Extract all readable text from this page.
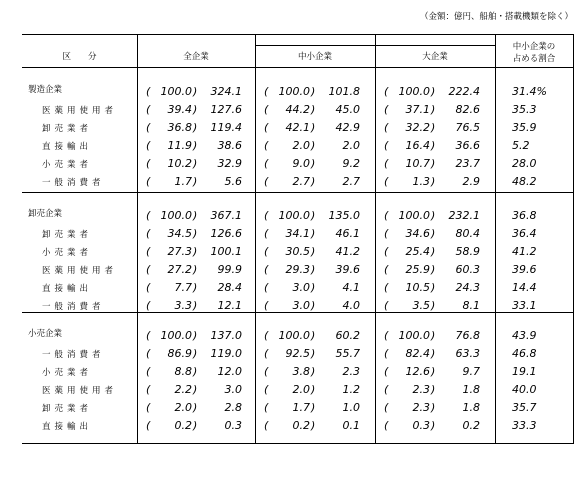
（金額：億円、船舶・搭載機類を除く）
区　　分	全企業	中小企業	大企業
中小企業の
占める割合
製造企業	( 100.0 )	324.1 ( 100.0 )	101.8 ( 100.0 )	222.4	31.4%
医薬用使用者	(	39.4 )	127.6 (	44.2 )	45.0 (	37.1 )	82.6	35.3
卸売業者	(	36.8 )	119.4 (	42.1 )	42.9 (	32.2 )	76.5	35.9
直接輸出	(	11.9 )	38.6 (	2.0 )	2.0 (	16.4 )	36.6	5.2
小売業者	(	10.2 )	32.9 (	9.0 )	9.2 (	10.7 )	23.7	28.0
一般消費者	(	1.7 )	5.6 (	2.7 )	2.7 (	1.3 )	2.9	48.2
卸売企業	( 100.0 )	367.1 ( 100.0 )	135.0 ( 100.0 )	232.1	36.8
卸売業者	(	34.5 )	126.6 (	34.1 )	46.1 (	34.6 )	80.4	36.4
小売業者	(	27.3 )	100.1 (	30.5 )	41.2 (	25.4 )	58.9	41.2
医薬用使用者	(	27.2 )	99.9 (	29.3 )	39.6 (	25.9 )	60.3	39.6
直接輸出	(	7.7 )	28.4 (	3.0 )	4.1 (	10.5 )	24.3	14.4
一般消費者	(	3.3 )	12.1 (	3.0 )	4.0 (	3.5 )	8.1	33.1
小売企業	( 100.0 )	137.0 ( 100.0 )	60.2 ( 100.0 )	76.8	43.9
一般消費者	(	86.9 )	119.0 (	92.5 )	55.7 (	82.4 )	63.3	46.8
小売業者	(	8.8 )	12.0 (	3.8 )	2.3 (	12.6 )	9.7	19.1
医薬用使用者	(	2.2 )	3.0 (	2.0 )	1.2 (	2.3 )	1.8	40.0
卸売業者	(	2.0 )	2.8 (	1.7 )	1.0 (	2.3 )	1.8	35.7
直接輸出	(	0.2 )	0.3 (	0.2 )	0.1 (	0.3 )	0.2	33.3
